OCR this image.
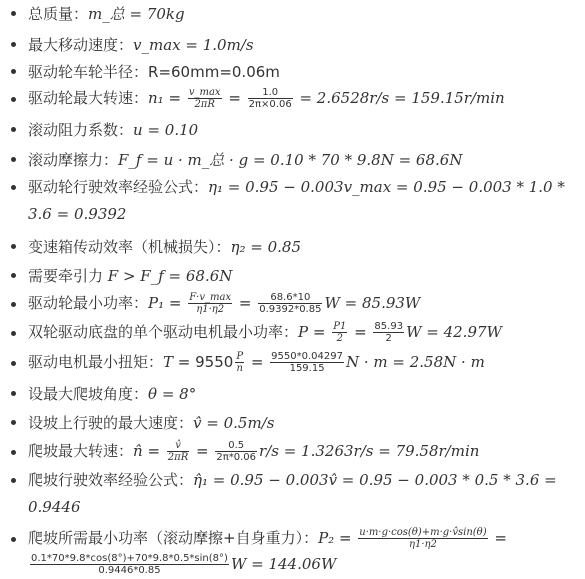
总质量：m_总 = 70kg
最大移动速度：v_max = 1.0m/s
驱动轮车轮半径：R=60mm=0.06m
驱动轮最大转速：$n_1 = \frac{v\_\max}{2\pi R} = \frac{1.0}{2\pi\times 0.06} = 2.6528r/s = 159.15r/\min$
滚动阻力系数：u = 0.10
滚动摩擦力：F_f = u · m_总 · g = 0.10 * 70 * 9.8N = 68.6N
驱动轮行驶效率经验公式：η₁ = 0.95 − 0.003v_max = 0.95 − 0.003 * 1.0 * 3.6 = 0.9392
变速箱传动效率（机械损失）：η₂ = 0.85
需要牵引力 F > F_f = 68.6N
驱动轮最小功率：$P_1 = \frac{F\cdot v\_\max}{\eta 1\cdot\eta 2} = \frac{68.6*10}{0.9392*0.85}$ W = 85.93W
双轮驱动底盘的单个驱动电机最小功率：$P = \frac{P1}{2} = \frac{85.93}{2}$ W = 42.97W
驱动电机最小扭矩：$T = 9550 \frac{P}{n} = \frac{9550*0.04297}{159.15}$ N · m = 2.58N · m
设最大爬坡角度：θ = 8°
设坡上行驶的最大速度：v̂ = 0.5m/s
爬坡最大转速：n̂ = $\frac{v̂}{2\pi R} = \frac{0.5}{2\pi*0.06} r/s = 1.3263r/s = 79.58r/\min$
爬坡行驶效率经验公式：η̂₁ = 0.95 − 0.003v̂ = 0.95 − 0.003 * 0.5 * 3.6 = 0.9446
爬坡所需最小功率（滚动摩擦+自身重力）：$P_2 = \frac{u\cdot m\cdot g\cdot\cos(\theta)+m\cdot g\cdot v̂\sin(\theta)}{\eta 1\cdot\eta 2}$ =
$\frac{0.1*70*9.8*\cos(8^\circ)+70*9.8*0.5*\sin(8^\circ)}{0.9446*0.85}$ W = 144.06W
